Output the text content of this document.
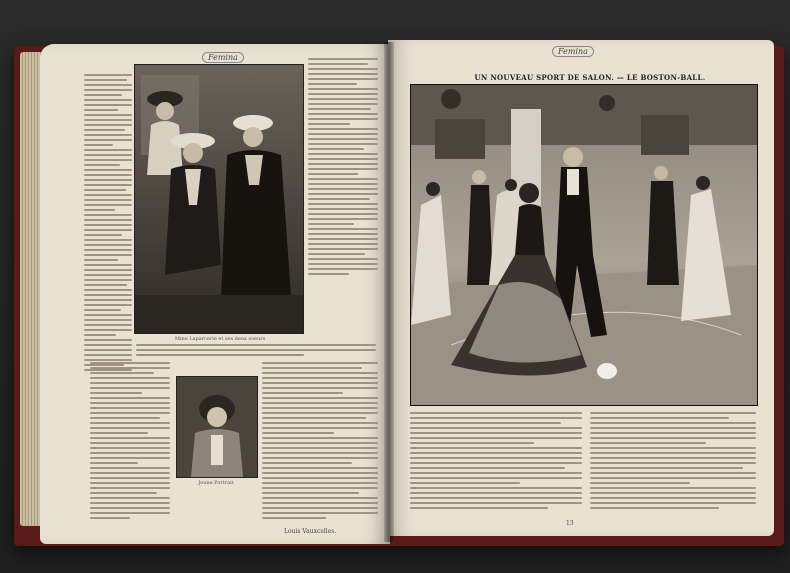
Femina
Mme Laparcerie et ses deux soeurs
Jeune Portrait
Louis Vauxcelles.
Femina
UN NOUVEAU SPORT DE SALON. — LE BOSTON-BALL.
13
